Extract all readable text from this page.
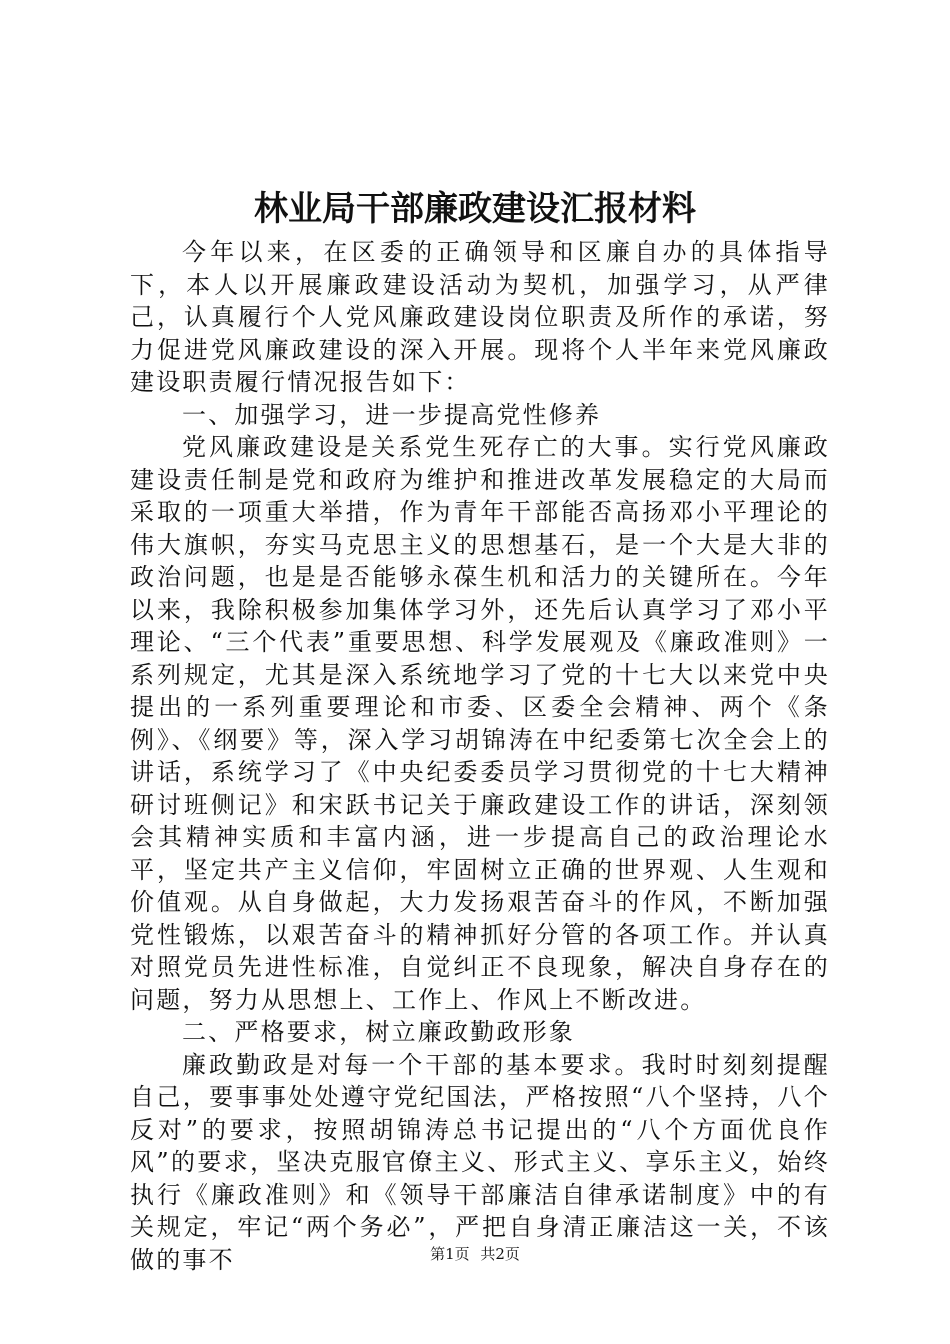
林业局干部廉政建设汇报材料

今年以来，在区委的正确领导和区廉自办的具体指导下，本人以开展廉政建设活动为契机，加强学习，从严律己，认真履行个人党风廉政建设岗位职责及所作的承诺，努力促进党风廉政建设的深入开展。现将个人半年来党风廉政建设职责履行情况报告如下：

一、加强学习，进一步提高党性修养

党风廉政建设是关系党生死存亡的大事。实行党风廉政建设责任制是党和政府为维护和推进改革发展稳定的大局而采取的一项重大举措，作为青年干部能否高扬邓小平理论的伟大旗帜，夯实马克思主义的思想基石，是一个大是大非的政治问题，也是是否能够永葆生机和活力的关键所在。今年以来，我除积极参加集体学习外，还先后认真学习了邓小平理论、“三个代表”重要思想、科学发展观及《廉政准则》一系列规定，尤其是深入系统地学习了党的十七大以来党中央提出的一系列重要理论和市委、区委全会精神、两个《条例》、《纲要》等，深入学习胡锦涛在中纪委第七次全会上的讲话，系统学习了《中央纪委委员学习贯彻党的十七大精神研讨班侧记》和宋跃书记关于廉政建设工作的讲话，深刻领会其精神实质和丰富内涵，进一步提高自己的政治理论水平，坚定共产主义信仰，牢固树立正确的世界观、人生观和价值观。从自身做起，大力发扬艰苦奋斗的作风，不断加强党性锻炼，以艰苦奋斗的精神抓好分管的各项工作。并认真对照党员先进性标准，自觉纠正不良现象，解决自身存在的问题，努力从思想上、工作上、作风上不断改进。

二、严格要求，树立廉政勤政形象

廉政勤政是对每一个干部的基本要求。我时时刻刻提醒自己，要事事处处遵守党纪国法，严格按照“八个坚持，八个反对”的要求，按照胡锦涛总书记提出的“八个方面优良作风”的要求，坚决克服官僚主义、形式主义、享乐主义，始终执行《廉政准则》和《领导干部廉洁自律承诺制度》中的有关规定，牢记“两个务必”，严把自身清正廉洁这一关，不该做的事不	第1页 共2页
